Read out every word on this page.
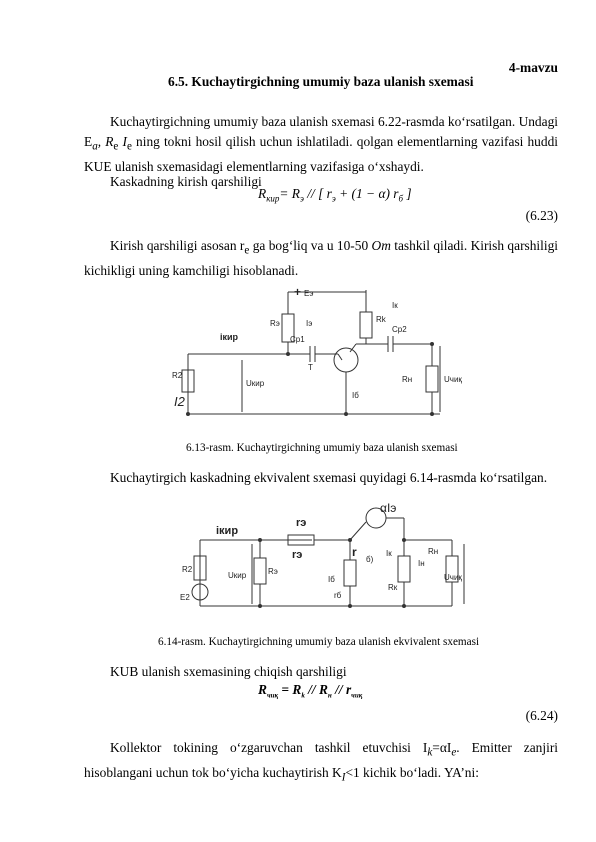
4-mavzu
6.5. Kuchaytirgichning umumiy baza ulanish sxemasi
Kuchaytirgichning umumiy baza ulanish sxemasi 6.22-rasmda ko‘rsatilgan. Undagi $E_a$, $R_e$ $I_e$ ning tokni hosil qilish uchun ishlatiladi. qolgan elementlarning vazifasi huddi KUE ulanish sxemasidagi elementlarning vazifasiga o‘xshaydi.
Kaskadning kirish qarshiligi
$R_{кир}= R_э$ // [ $r_э + (1 - \alpha)$ $r_б$ ]
(6.23)
Kirish qarshiligi asosan $r_e$ ga bog‘liq va u 10-50 Om tashkil qiladi. Kirish qarshiligi kichikligi uning kamchiligi hisoblanadi.
+ Eэ
Rэ	Iэ
iкир	Ср1
Т
R2
I2
Uкир
Iб
Rk
Ср2
Iк
Rн	Uчиқ
6.13-rasm. Kuchaytirgichning umumiy baza ulanish sxemasi
Kuchaytirgich kaskadning ekvivalent sxemasi quyidagi 6.14-rasmda ko‘rsatilgan.
iкир
rэ
rэ
αIэ
r
б)
Iк
R2
E2
Uкир	Rэ
Iб
rб
Rк
Iн
Rн
Uчиқ
6.14-rasm. Kuchaytirgichning umumiy baza ulanish ekvivalent sxemasi
KUB ulanish sxemasining chiqish qarshiligi
$R_{чиқ} = R_k // R_н // r_{чиқ}$
(6.24)
Kollektor tokining o‘zgaruvchan tashkil etuvchisi $I_k=\alpha I_e$. Emitter zanjiri hisoblangani uchun tok bo‘yicha kuchaytirish $K_I<1$ kichik bo‘ladi. YA’ni:
